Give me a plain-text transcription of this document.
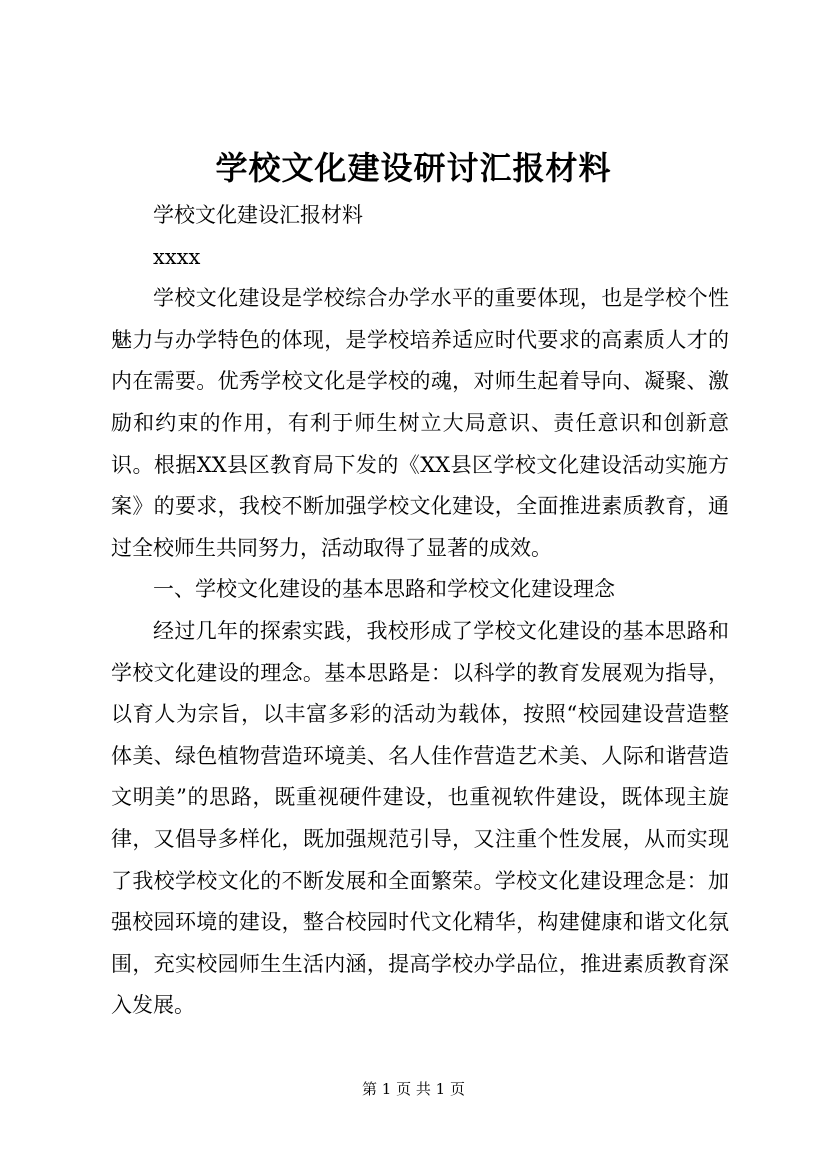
学校文化建设研讨汇报材料

学校文化建设汇报材料

xxxx

学校文化建设是学校综合办学水平的重要体现，也是学校个性魅力与办学特色的体现，是学校培养适应时代要求的高素质人才的内在需要。优秀学校文化是学校的魂，对师生起着导向、凝聚、激励和约束的作用，有利于师生树立大局意识、责任意识和创新意识。根据XX县区教育局下发的《XX县区学校文化建设活动实施方案》的要求，我校不断加强学校文化建设，全面推进素质教育，通过全校师生共同努力，活动取得了显著的成效。

一、学校文化建设的基本思路和学校文化建设理念

经过几年的探索实践，我校形成了学校文化建设的基本思路和学校文化建设的理念。基本思路是：以科学的教育发展观为指导，以育人为宗旨，以丰富多彩的活动为载体，按照“校园建设营造整体美、绿色植物营造环境美、名人佳作营造艺术美、人际和谐营造文明美”的思路，既重视硬件建设，也重视软件建设，既体现主旋律，又倡导多样化，既加强规范引导，又注重个性发展，从而实现了我校学校文化的不断发展和全面繁荣。学校文化建设理念是：加强校园环境的建设，整合校园时代文化精华，构建健康和谐文化氛围，充实校园师生生活内涵，提高学校办学品位，推进素质教育深入发展。

第 1 页 共 1 页
